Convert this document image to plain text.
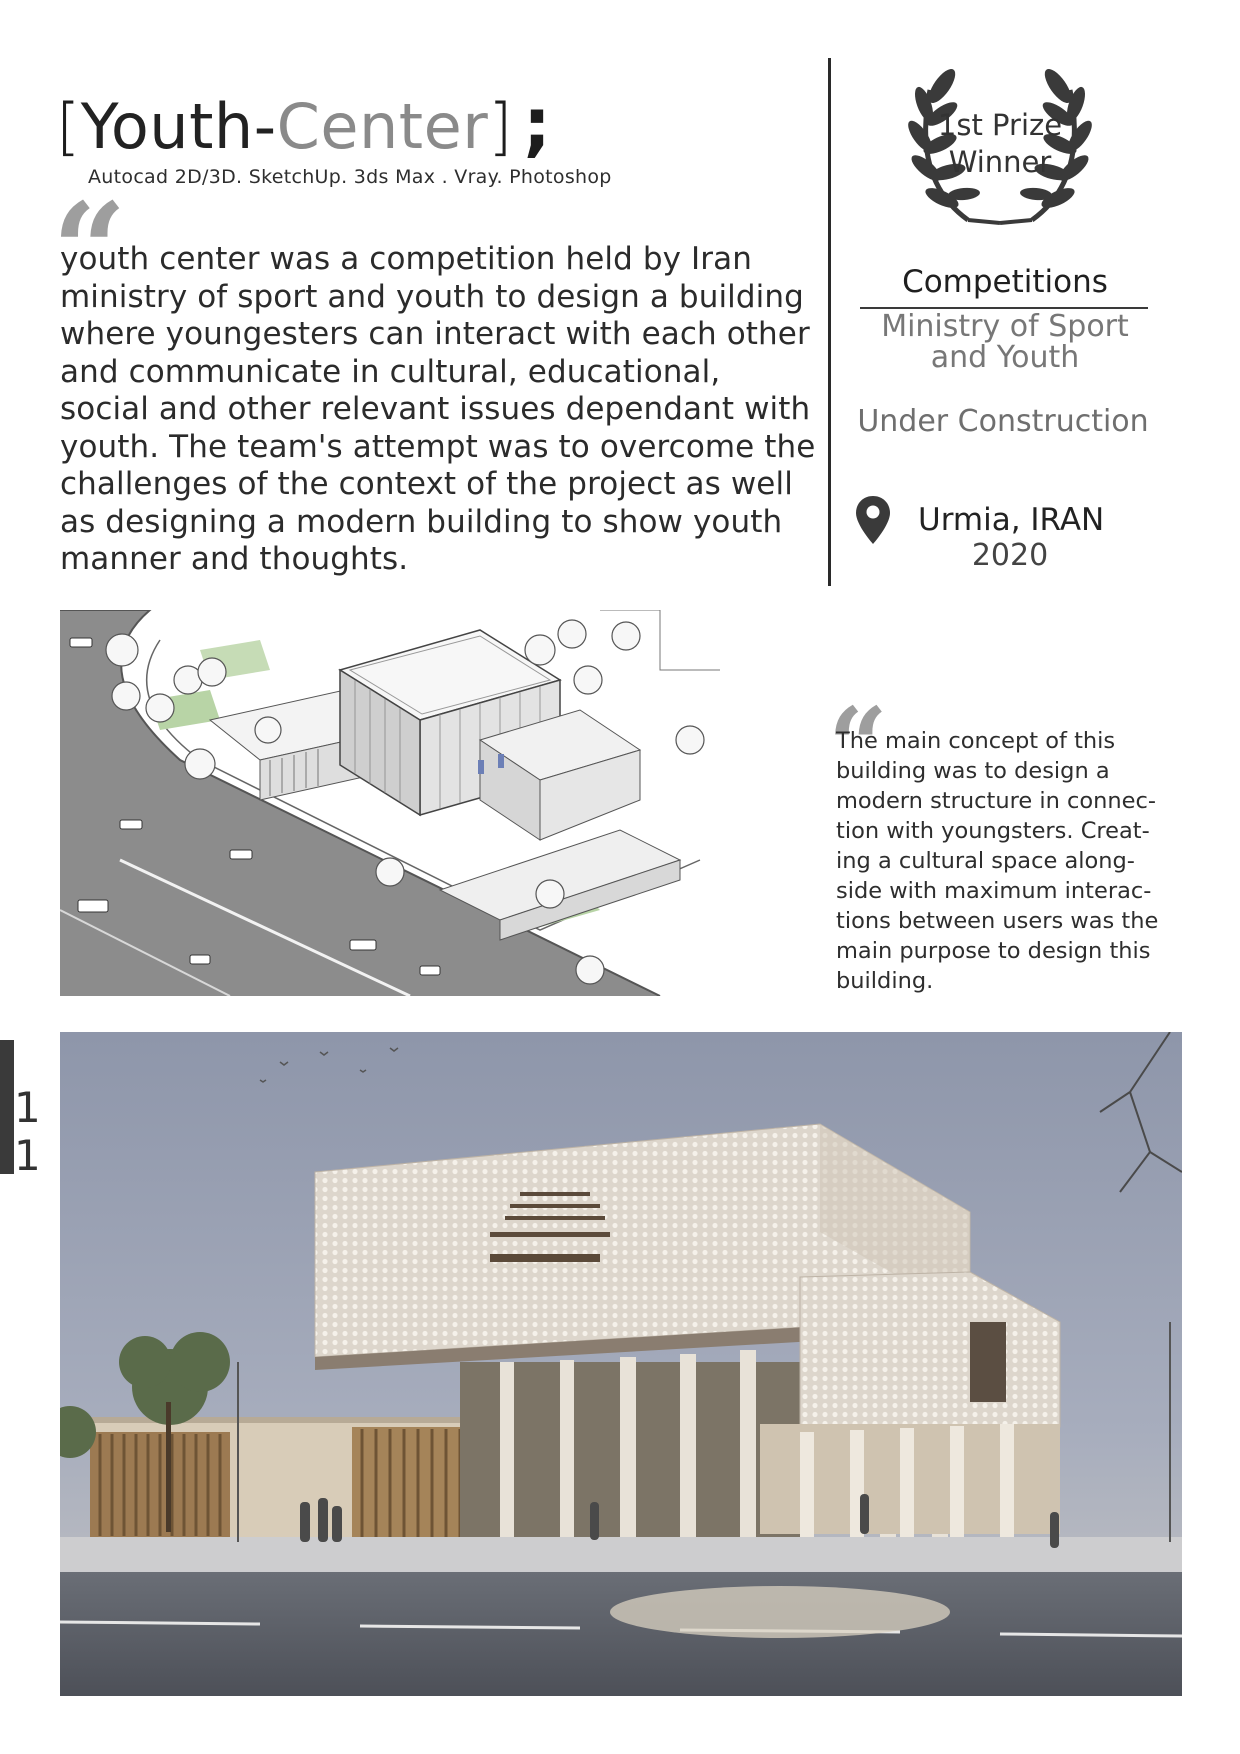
[Youth-Center] ;
Autocad 2D/3D. SketchUp. 3ds Max . Vray. Photoshop
“

youth center was a competition held by Iran
ministry of sport and youth to design a building
where youngesters can interact with each other
and communicate in cultural, educational,
social and other relevant issues dependant with
youth. The team's attempt was to overcome the
challenges of the context of the project as well
as designing a modern building to show youth
manner and thoughts.

1st Prize
Winner
Competitions
Ministry of Sport
and Youth
Under Construction
Urmia, IRAN
2020
“

The main concept of this
building was to design a
modern structure in connec-
tion with youngsters. Creat-
ing a cultural space along-
side with maximum interac-
tions between users was the
main purpose to design this
building.

1
1
